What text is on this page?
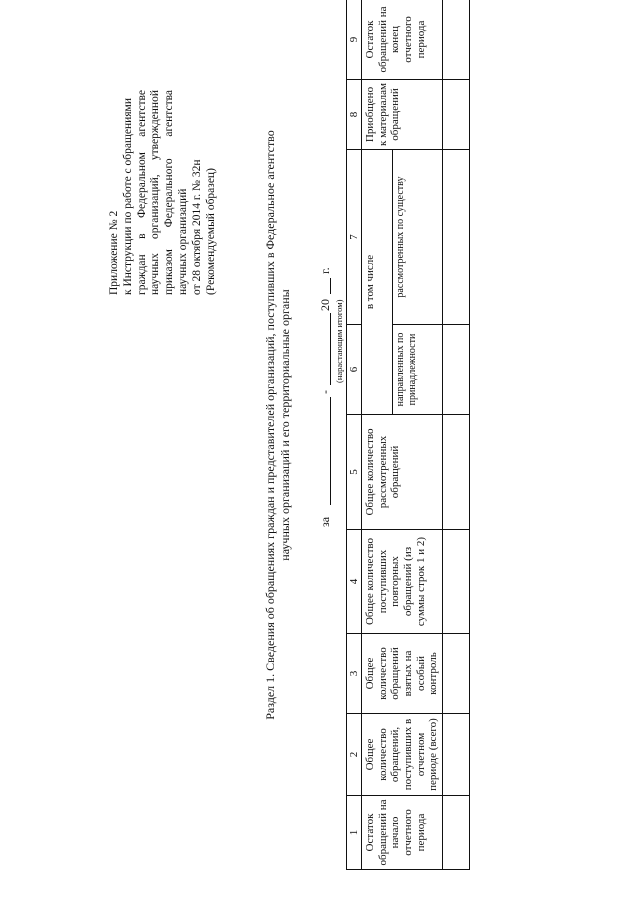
Приложение № 2 к Инструкции по работе с обращениями граждан
в
Федеральном
агентстве
научных
организаций,
утвержденной
приказом
Федерального
агентства
научных организаций от 28 октября 2014 г. № 32н (Рекомендуемый образец)	Раздел 1. Сведения об обращениях граждан и представителей организаций, поступивших в Федеральное агентство научных организаций и его территориальные органы за
-
20
г.
(нарастающим итогом)
1	2	3	4	5	6	7	8	9
Остаток обращений на начало отчетного периода	Общее количество обращений, поступивших в отчетном периоде (всего)	Общее количество обращений взятых на особый контроль	Общее количество поступивших повторных обращений (из суммы строк 1 и 2)	Общее количество рассмотренных обращений	в том числе		Приобщено к материалам обращений	Остаток обращений на конец отчетного периода
					направленных по принадлежности	рассмотренных по существу		
